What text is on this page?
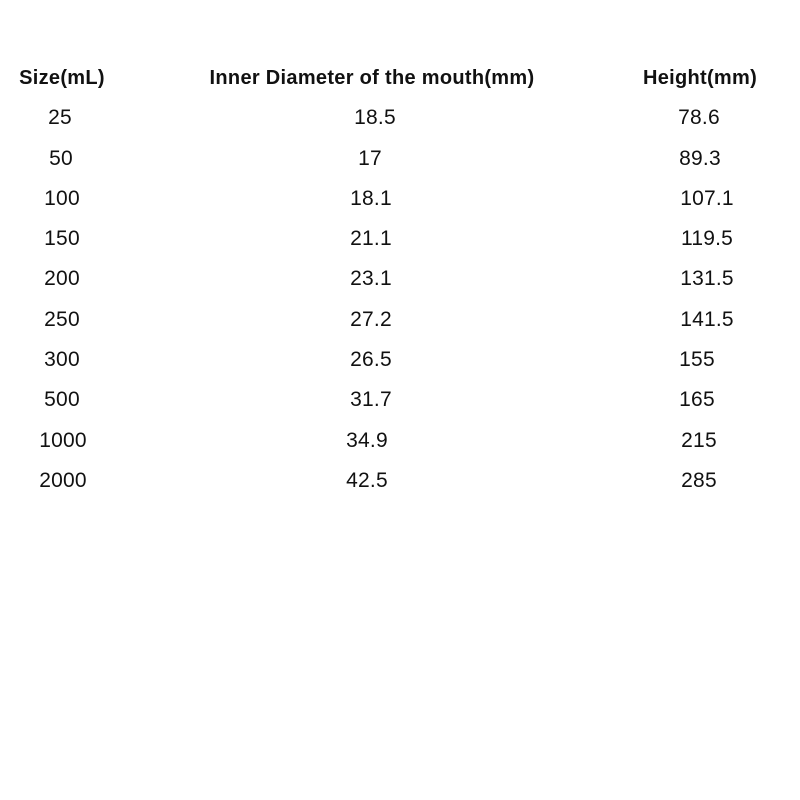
Size(mL)	Inner Diameter of the mouth(mm)	Height(mm)
25	18.5	78.6
50	17	89.3
100	18.1	107.1
150	21.1	119.5
200	23.1	131.5
250	27.2	141.5
300	26.5	155
500	31.7	165
1000	34.9	215
2000	42.5	285
